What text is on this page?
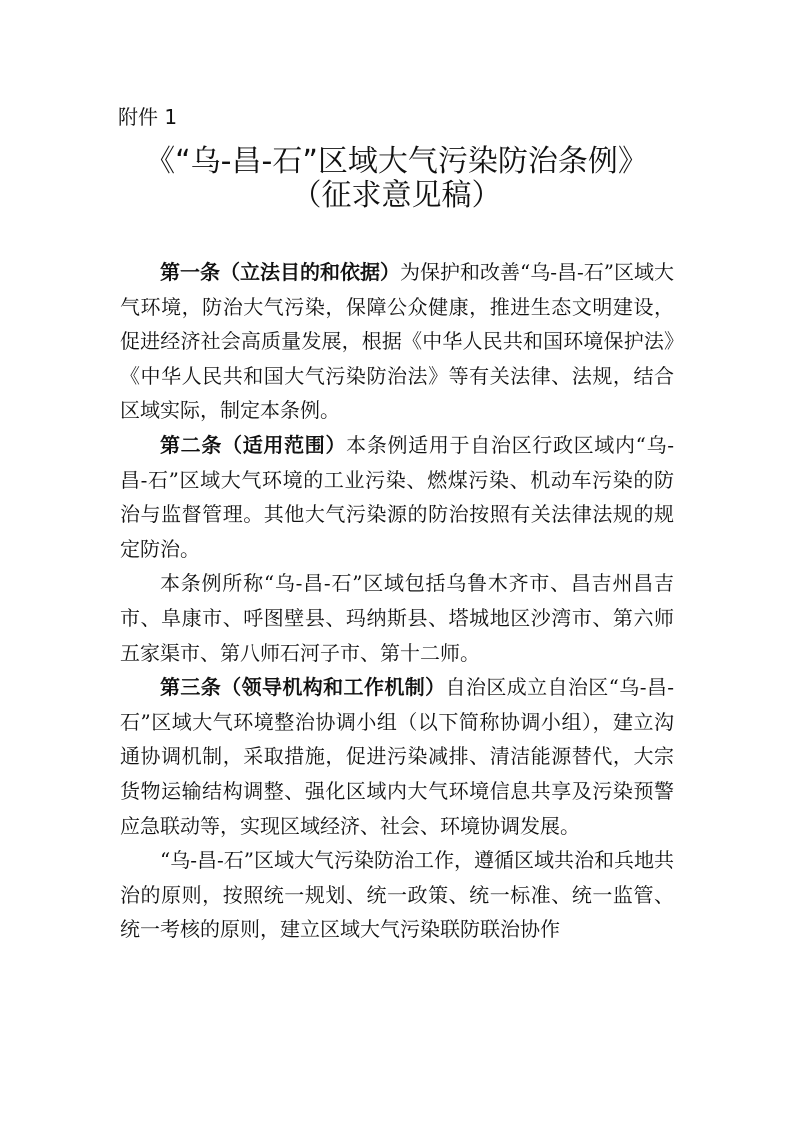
附件 1
《“乌-昌-石”区域大气污染防治条例》
（征求意见稿）

第一条（立法目的和依据）为保护和改善“乌-昌-石”区域大气环境，防治大气污染，保障公众健康，推进生态文明建设，促进经济社会高质量发展，根据《中华人民共和国环境保护法》《中华人民共和国大气污染防治法》等有关法律、法规，结合区域实际，制定本条例。

第二条（适用范围）本条例适用于自治区行政区域内“乌-昌-石”区域大气环境的工业污染、燃煤污染、机动车污染的防治与监督管理。其他大气污染源的防治按照有关法律法规的规定防治。

本条例所称“乌-昌-石”区域包括乌鲁木齐市、昌吉州昌吉市、阜康市、呼图壁县、玛纳斯县、塔城地区沙湾市、第六师五家渠市、第八师石河子市、第十二师。

第三条（领导机构和工作机制）自治区成立自治区“乌-昌-石”区域大气环境整治协调小组（以下简称协调小组），建立沟通协调机制，采取措施，促进污染减排、清洁能源替代，大宗货物运输结构调整、强化区域内大气环境信息共享及污染预警应急联动等，实现区域经济、社会、环境协调发展。

“乌-昌-石”区域大气污染防治工作，遵循区域共治和兵地共治的原则，按照统一规划、统一政策、统一标准、统一监管、统一考核的原则，建立区域大气污染联防联治协作
